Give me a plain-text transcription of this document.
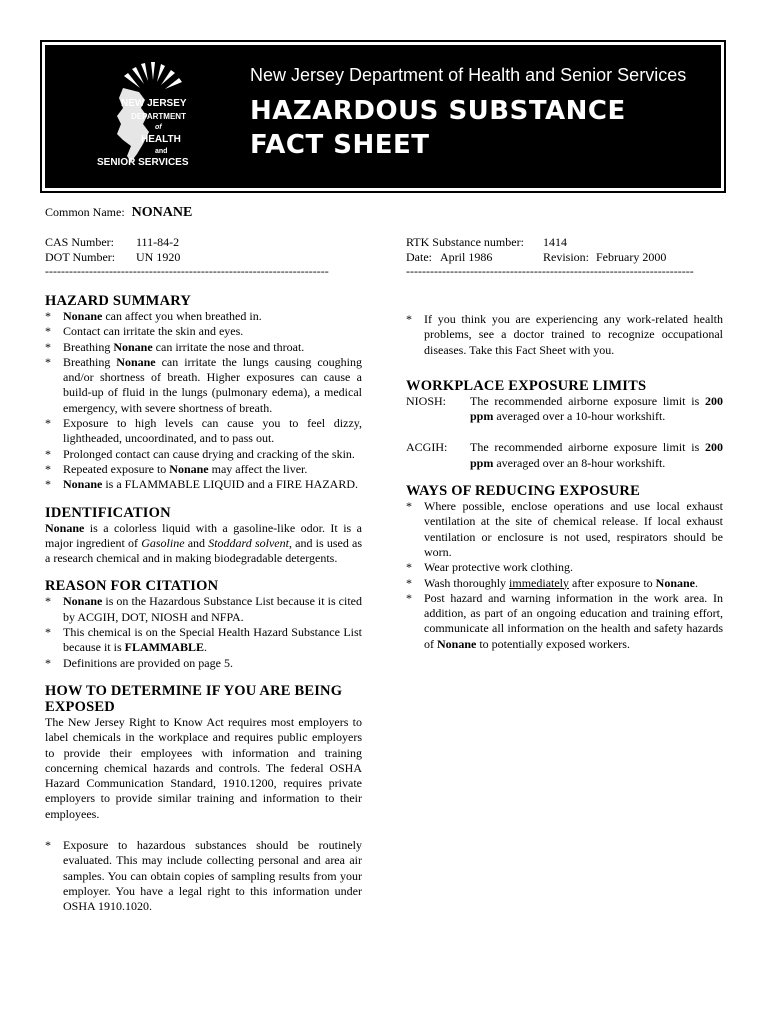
NEW JERSEY
DEPARTMENT
of
HEALTH
and
SENIOR SERVICES
New Jersey Department of Health and Senior Services
HAZARDOUS SUBSTANCE
FACT SHEET
Common Name: NONANE
CAS Number: 111-84-2
DOT Number: UN 1920
-----------------------------------------------------------------------
RTK Substance number: 1414
Date: April 1986	Revision: February 2000
------------------------------------------------------------------------
HAZARD SUMMARY
* Nonane can affect you when breathed in.
* Contact can irritate the skin and eyes.
* Breathing Nonane can irritate the nose and throat.
* Breathing Nonane can irritate the lungs causing coughing and/or shortness of breath. Higher exposures can cause a build-up of fluid in the lungs (pulmonary edema), a medical emergency, with severe shortness of breath.
* Exposure to high levels can cause you to feel dizzy, lightheaded, uncoordinated, and to pass out.
* Prolonged contact can cause drying and cracking of the skin.
* Repeated exposure to Nonane may affect the liver.
* Nonane is a FLAMMABLE LIQUID and a FIRE HAZARD.
IDENTIFICATION

Nonane is a colorless liquid with a gasoline-like odor. It is a major ingredient of Gasoline and Stoddard solvent, and is used as a research chemical and in making biodegradable detergents.

REASON FOR CITATION
* Nonane is on the Hazardous Substance List because it is cited by ACGIH, DOT, NIOSH and NFPA.
* This chemical is on the Special Health Hazard Substance List because it is FLAMMABLE.
* Definitions are provided on page 5.
HOW TO DETERMINE IF YOU ARE BEING EXPOSED

The New Jersey Right to Know Act requires most employers to label chemicals in the workplace and requires public employers to provide their employees with information and training concerning chemical hazards and controls. The federal OSHA Hazard Communication Standard, 1910.1200, requires private employers to provide similar training and information to their employees.

* Exposure to hazardous substances should be routinely evaluated. This may include collecting personal and area air samples. You can obtain copies of sampling results from your employer. You have a legal right to this information under OSHA 1910.1020.
* If you think you are experiencing any work-related health problems, see a doctor trained to recognize occupational diseases. Take this Fact Sheet with you.
WORKPLACE EXPOSURE LIMITS
NIOSH:	The recommended airborne exposure limit is 200 ppm averaged over a 10-hour workshift.
ACGIH:	The recommended airborne exposure limit is 200 ppm averaged over an 8-hour workshift.
WAYS OF REDUCING EXPOSURE
* Where possible, enclose operations and use local exhaust ventilation at the site of chemical release. If local exhaust ventilation or enclosure is not used, respirators should be worn.
* Wear protective work clothing.
* Wash thoroughly immediately after exposure to Nonane.
* Post hazard and warning information in the work area. In addition, as part of an ongoing education and training effort, communicate all information on the health and safety hazards of Nonane to potentially exposed workers.
